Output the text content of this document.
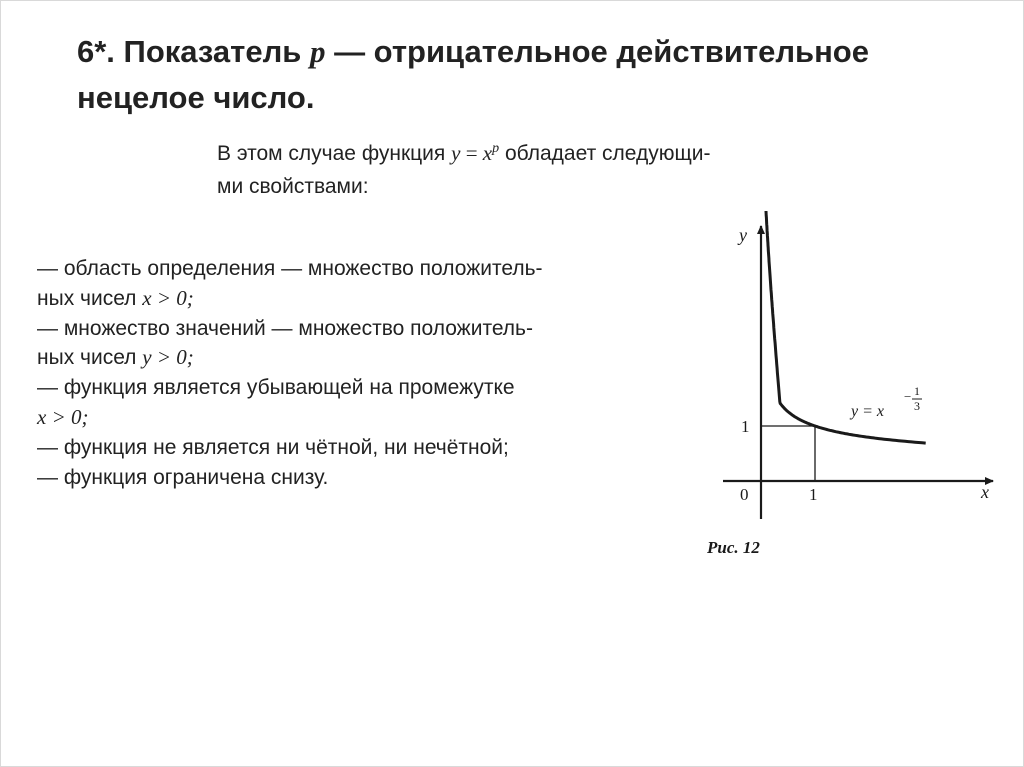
6*. Показатель p — отрицательное действительное
нецелое число.
В этом случае функция $y = x^p$ обладает следующи-
ми свойствами:
— область определения — множество положитель-
ных чисел x > 0;
— множество значений — множество положитель-
ных чисел y > 0;
— функция является убывающей на промежутке
x > 0;
— функция не является ни чётной, ни нечётной;
— функция ограничена снизу.
y
x
0	1
1
y = x
− 1
3
Рис. 12
